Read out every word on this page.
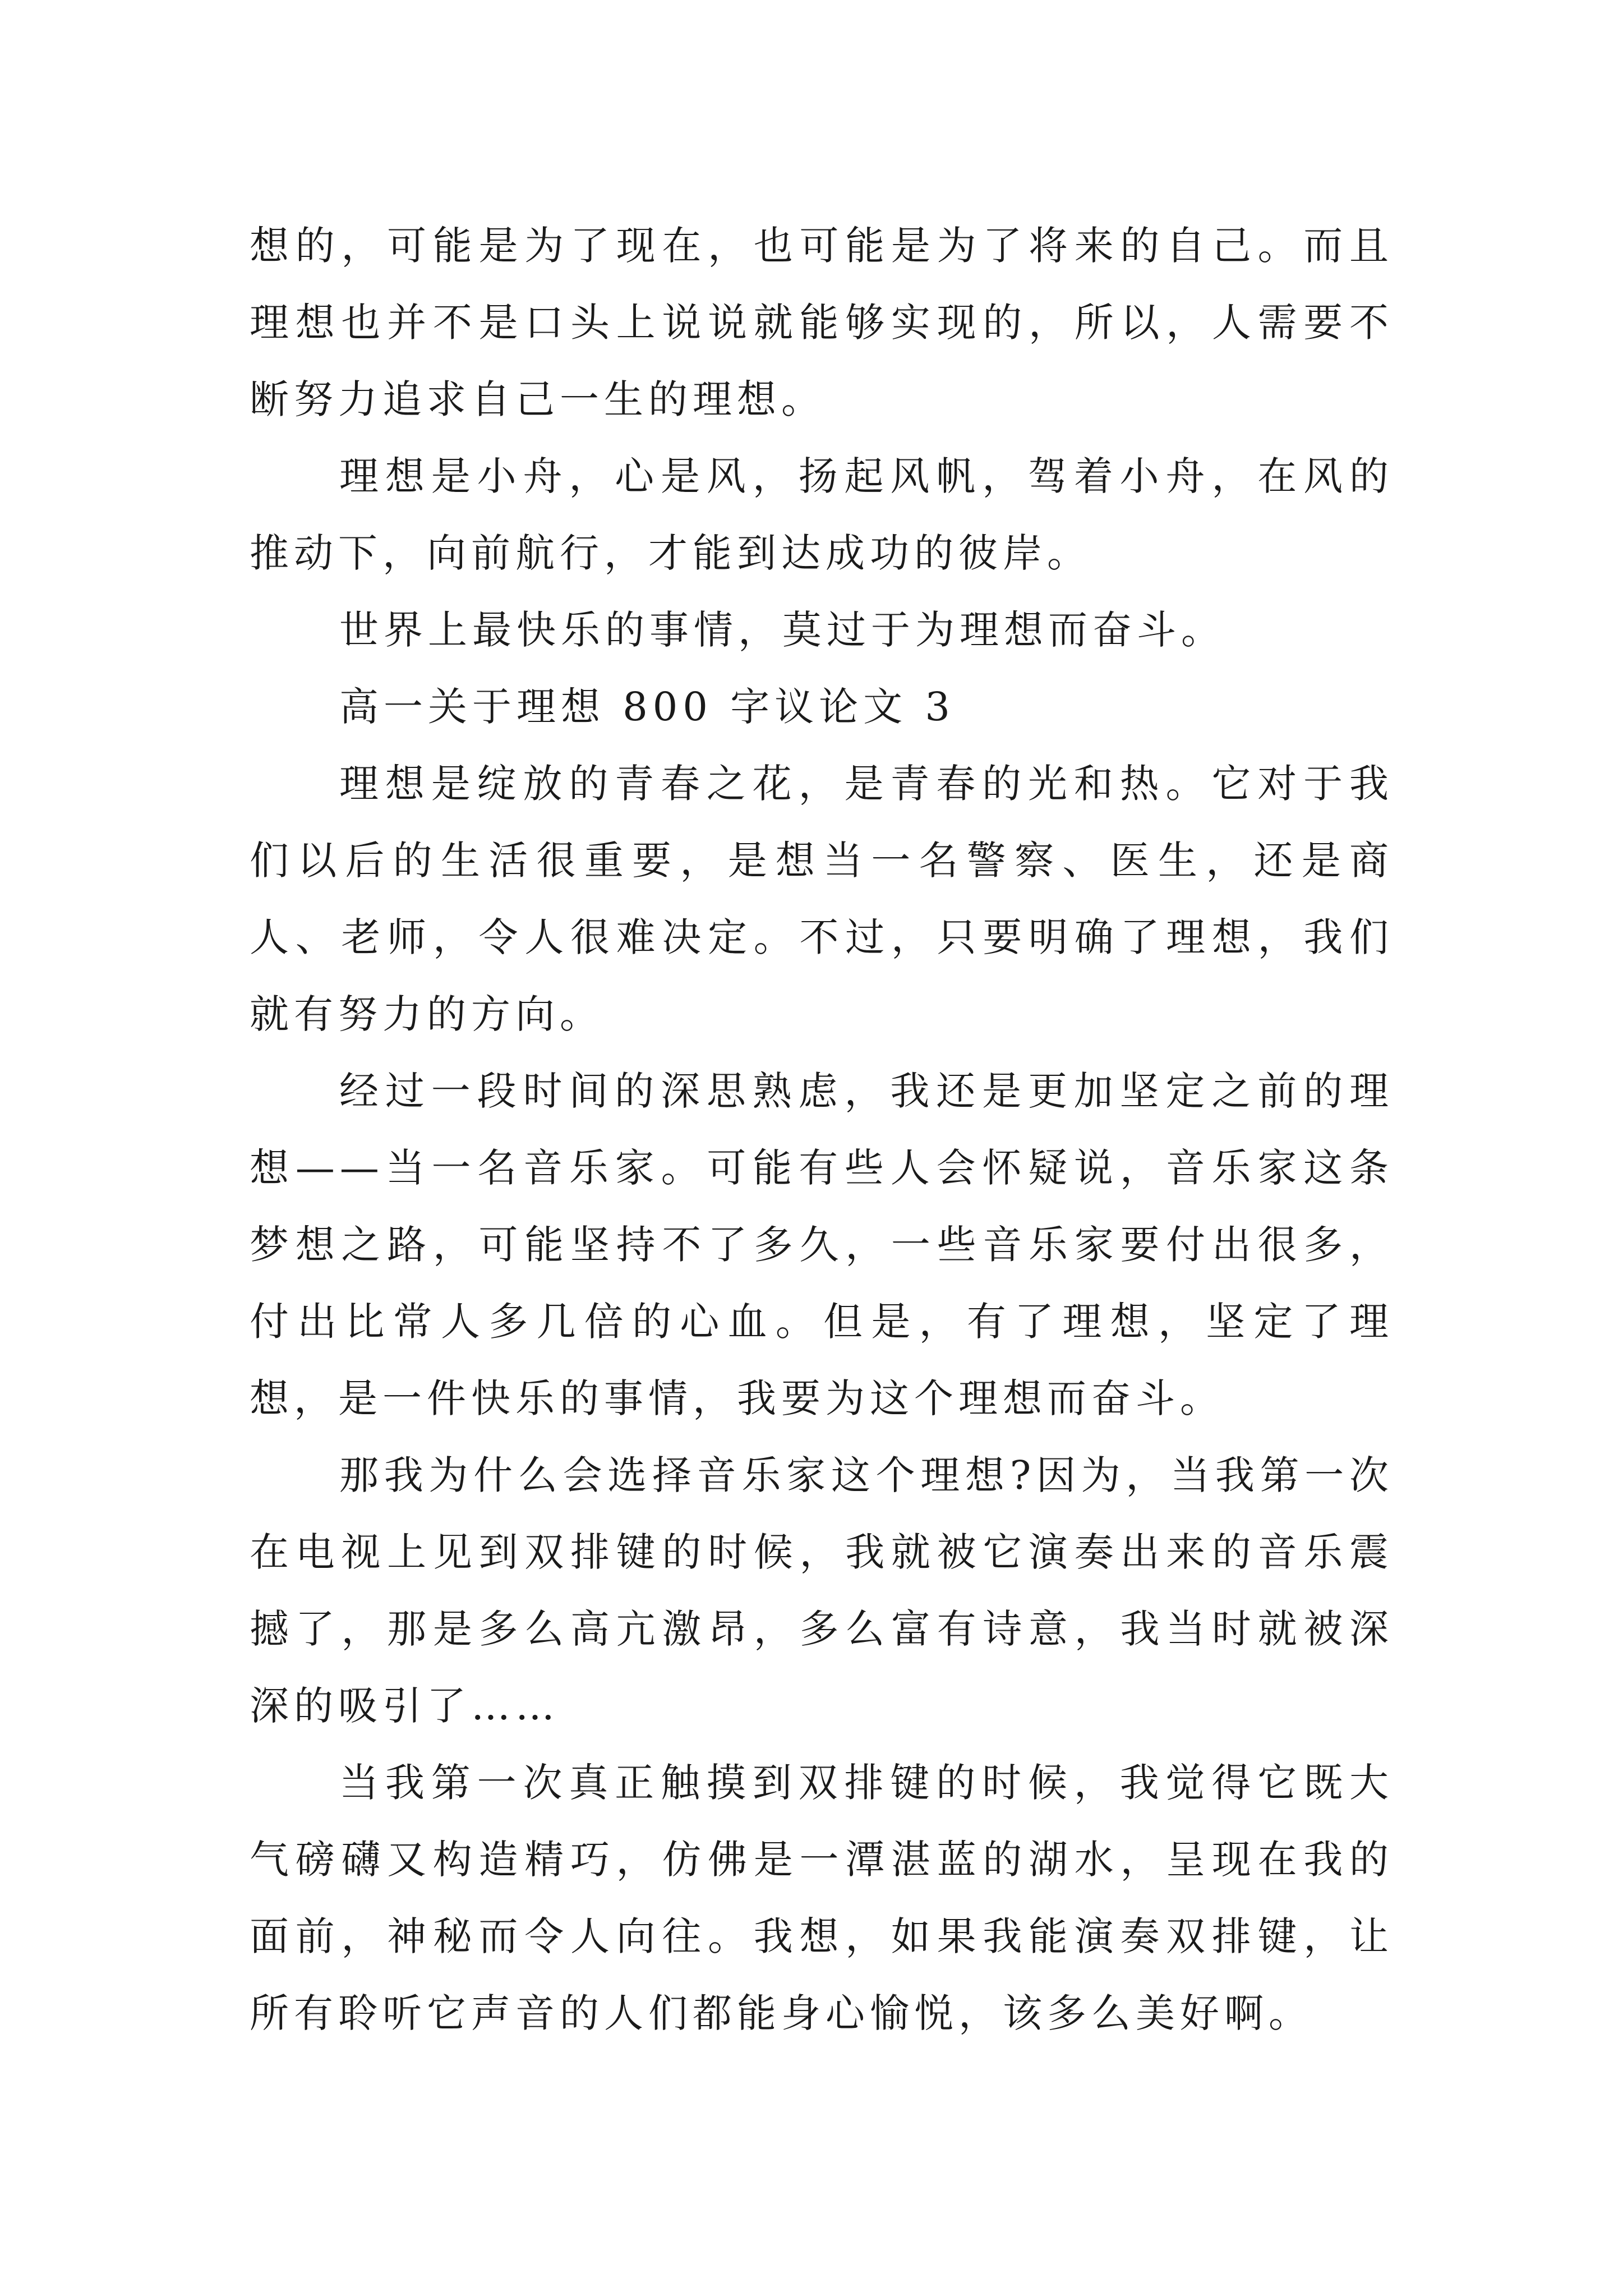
想的，可能是为了现在，也可能是为了将来的自己。而且理想也并不是口头上说说就能够实现的，所以，人需要不断努力追求自己一生的理想。

理想是小舟，心是风，扬起风帆，驾着小舟，在风的推动下，向前航行，才能到达成功的彼岸。

世界上最快乐的事情，莫过于为理想而奋斗。

高一关于理想 800 字议论文 3

理想是绽放的青春之花，是青春的光和热。它对于我们以后的生活很重要，是想当一名警察、医生，还是商人、老师，令人很难决定。不过，只要明确了理想，我们就有努力的方向。

经过一段时间的深思熟虑，我还是更加坚定之前的理想——当一名音乐家。可能有些人会怀疑说，音乐家这条梦想之路，可能坚持不了多久，一些音乐家要付出很多，付出比常人多几倍的心血。但是，有了理想，坚定了理想，是一件快乐的事情，我要为这个理想而奋斗。

那我为什么会选择音乐家这个理想?因为，当我第一次在电视上见到双排键的时候，我就被它演奏出来的音乐震撼了，那是多么高亢激昂，多么富有诗意，我当时就被深深的吸引了……

当我第一次真正触摸到双排键的时候，我觉得它既大气磅礴又构造精巧，仿佛是一潭湛蓝的湖水，呈现在我的面前，神秘而令人向往。我想，如果我能演奏双排键，让所有聆听它声音的人们都能身心愉悦，该多么美好啊。
